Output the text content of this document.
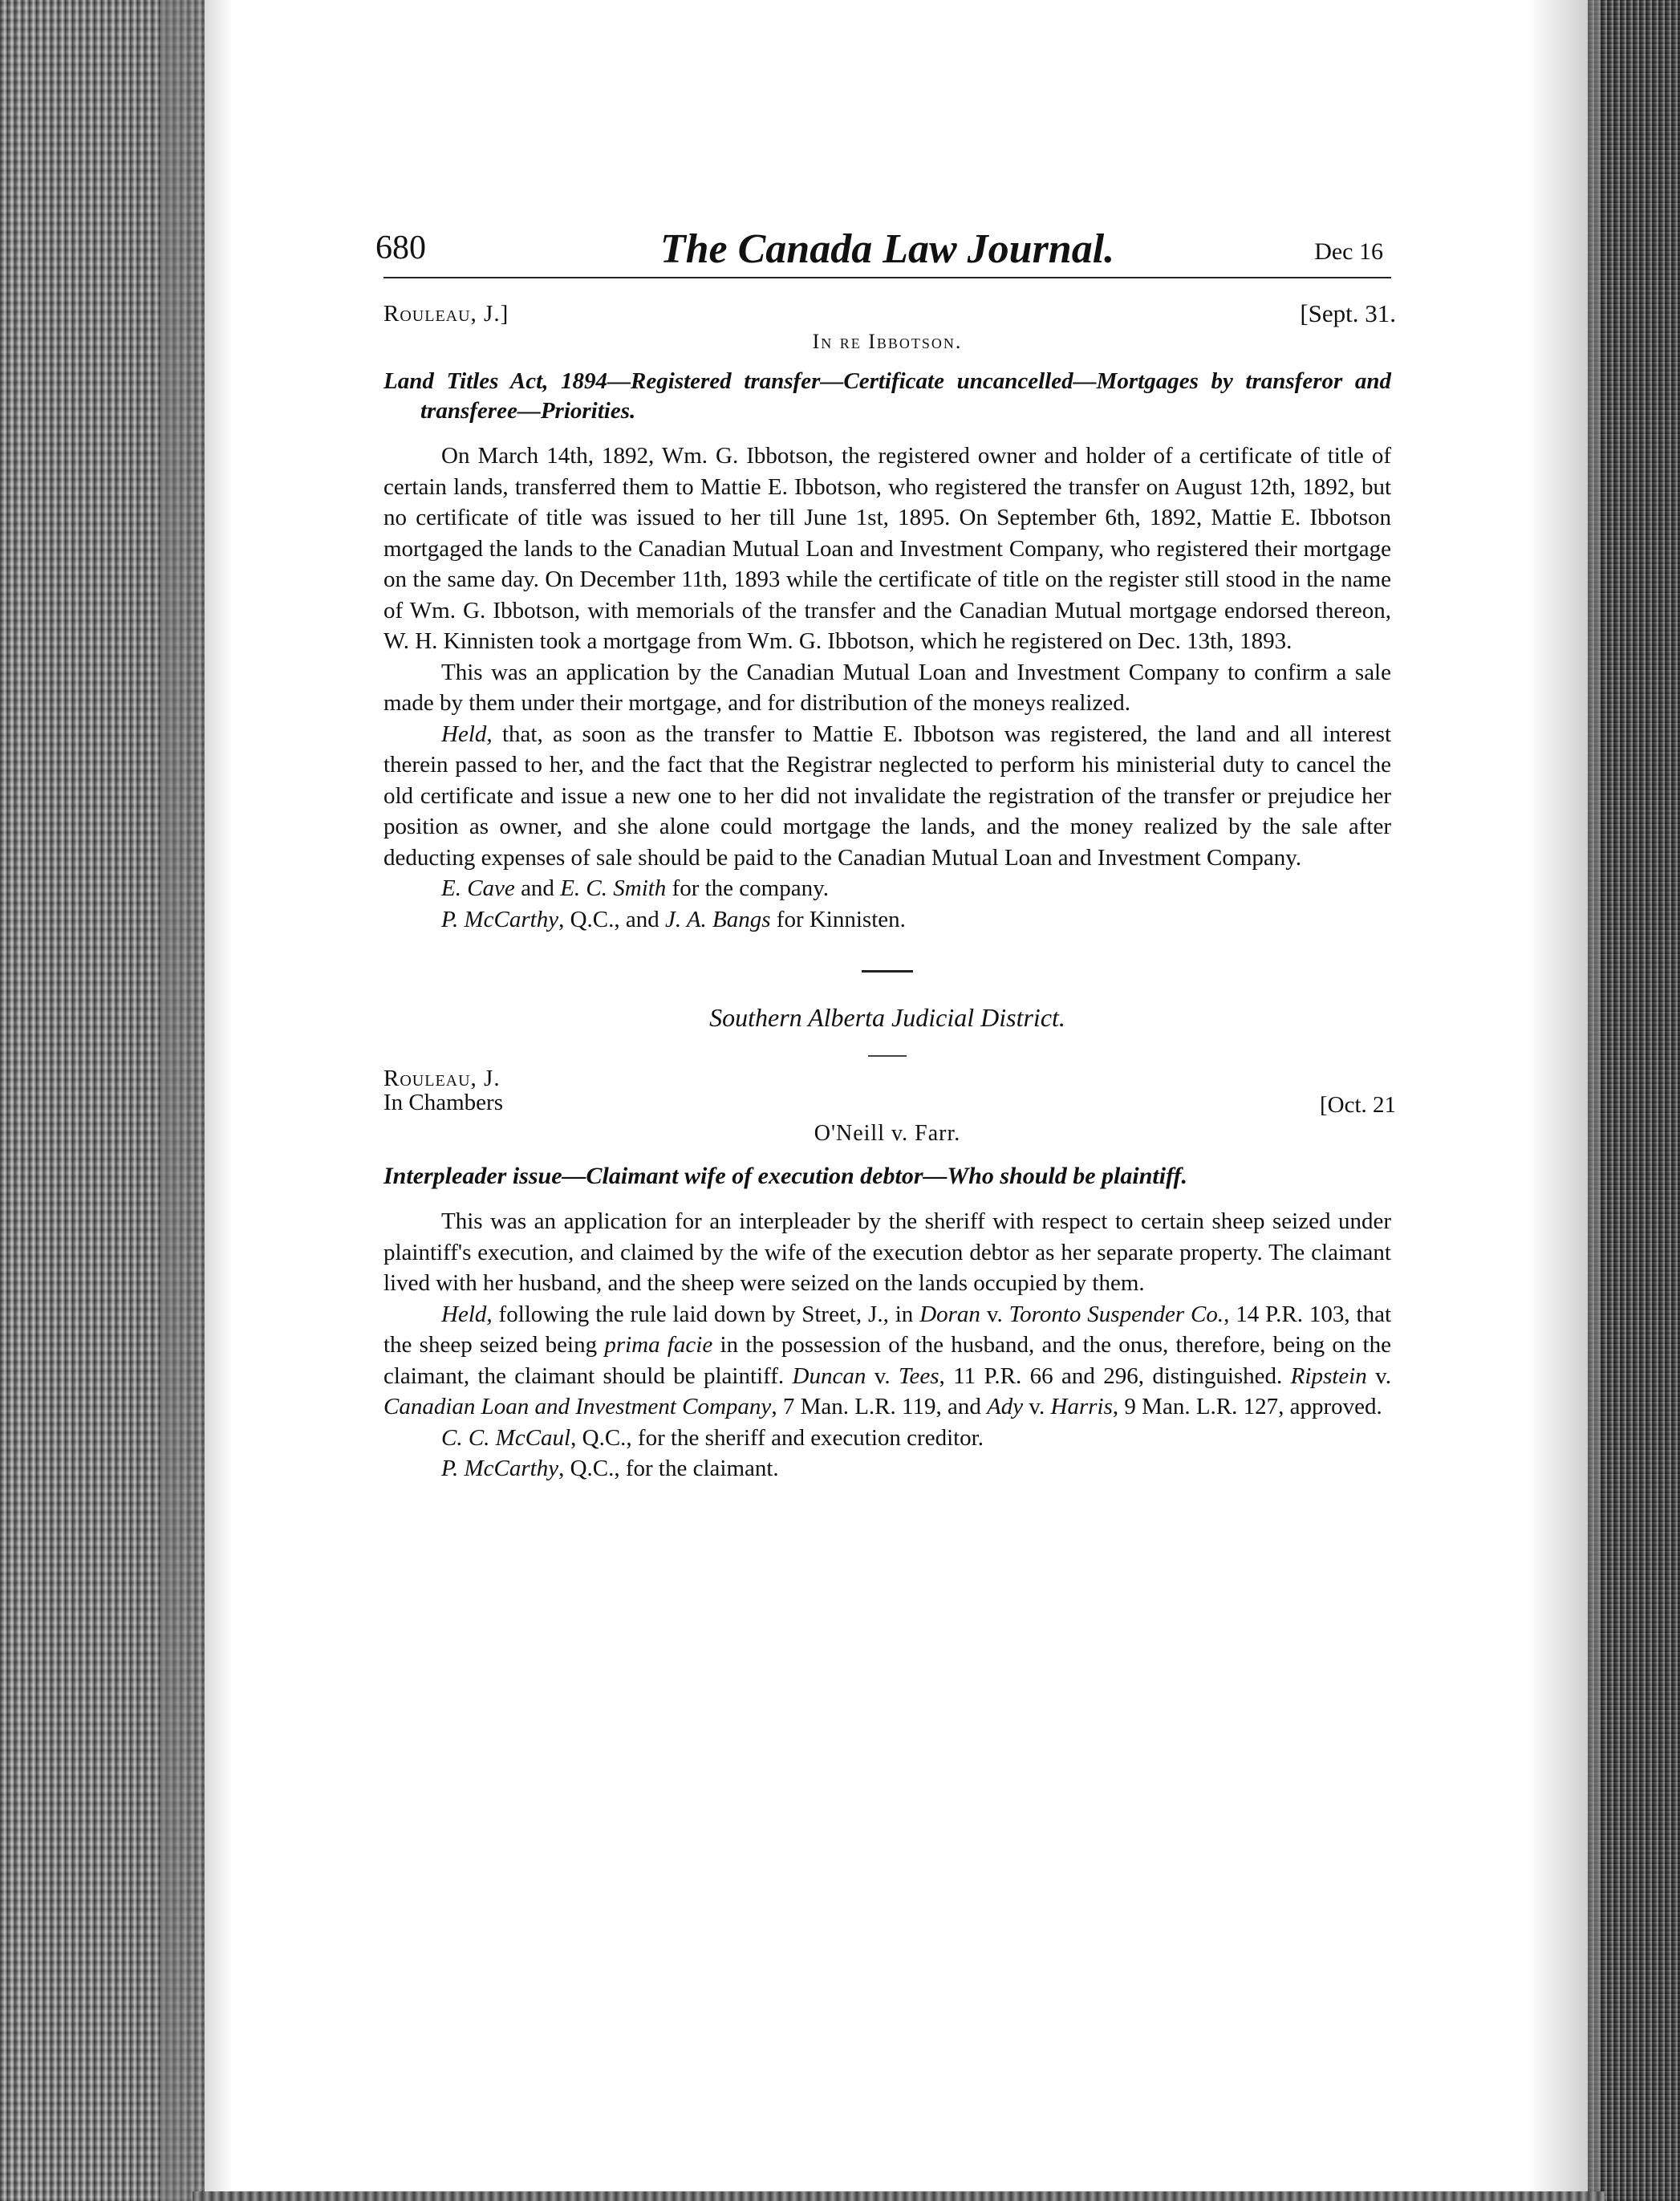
680	The Canada Law Journal.	Dec 16
Rouleau, J.]	[Sept. 31.
In re Ibbotson.
Land Titles Act, 1894—Registered transfer—Certificate uncancelled—Mortgages by transferor and transferee—Priorities.

On March 14th, 1892, Wm. G. Ibbotson, the registered owner and holder of a certificate of title of certain lands, transferred them to Mattie E. Ibbotson, who registered the transfer on August 12th, 1892, but no certificate of title was issued to her till June 1st, 1895. On September 6th, 1892, Mattie E. Ibbotson mortgaged the lands to the Canadian Mutual Loan and Investment Company, who registered their mortgage on the same day. On December 11th, 1893 while the certificate of title on the register still stood in the name of Wm. G. Ibbotson, with memorials of the transfer and the Canadian Mutual mortgage endorsed thereon, W. H. Kinnisten took a mortgage from Wm. G. Ibbotson, which he registered on Dec. 13th, 1893.

This was an application by the Canadian Mutual Loan and Investment Company to confirm a sale made by them under their mortgage, and for distribution of the moneys realized.

Held, that, as soon as the transfer to Mattie E. Ibbotson was registered, the land and all interest therein passed to her, and the fact that the Registrar neglected to perform his ministerial duty to cancel the old certificate and issue a new one to her did not invalidate the registration of the transfer or prejudice her position as owner, and she alone could mortgage the lands, and the money realized by the sale after deducting expenses of sale should be paid to the Canadian Mutual Loan and Investment Company.

E. Cave and E. C. Smith for the company.
P. McCarthy, Q.C., and J. A. Bangs for Kinnisten.
Southern Alberta Judicial District.
Rouleau, J.
In Chambers	[Oct. 21
O'Neill v. Farr.
Interpleader issue—Claimant wife of execution debtor—Who should be plaintiff.

This was an application for an interpleader by the sheriff with respect to certain sheep seized under plaintiff's execution, and claimed by the wife of the execution debtor as her separate property. The claimant lived with her husband, and the sheep were seized on the lands occupied by them.

Held, following the rule laid down by Street, J., in Doran v. Toronto Suspender Co., 14 P.R. 103, that the sheep seized being prima facie in the possession of the husband, and the onus, therefore, being on the claimant, the claimant should be plaintiff. Duncan v. Tees, 11 P.R. 66 and 296, distinguished. Ripstein v. Canadian Loan and Investment Company, 7 Man. L.R. 119, and Ady v. Harris, 9 Man. L.R. 127, approved.

C. C. McCaul, Q.C., for the sheriff and execution creditor.
P. McCarthy, Q.C., for the claimant.
